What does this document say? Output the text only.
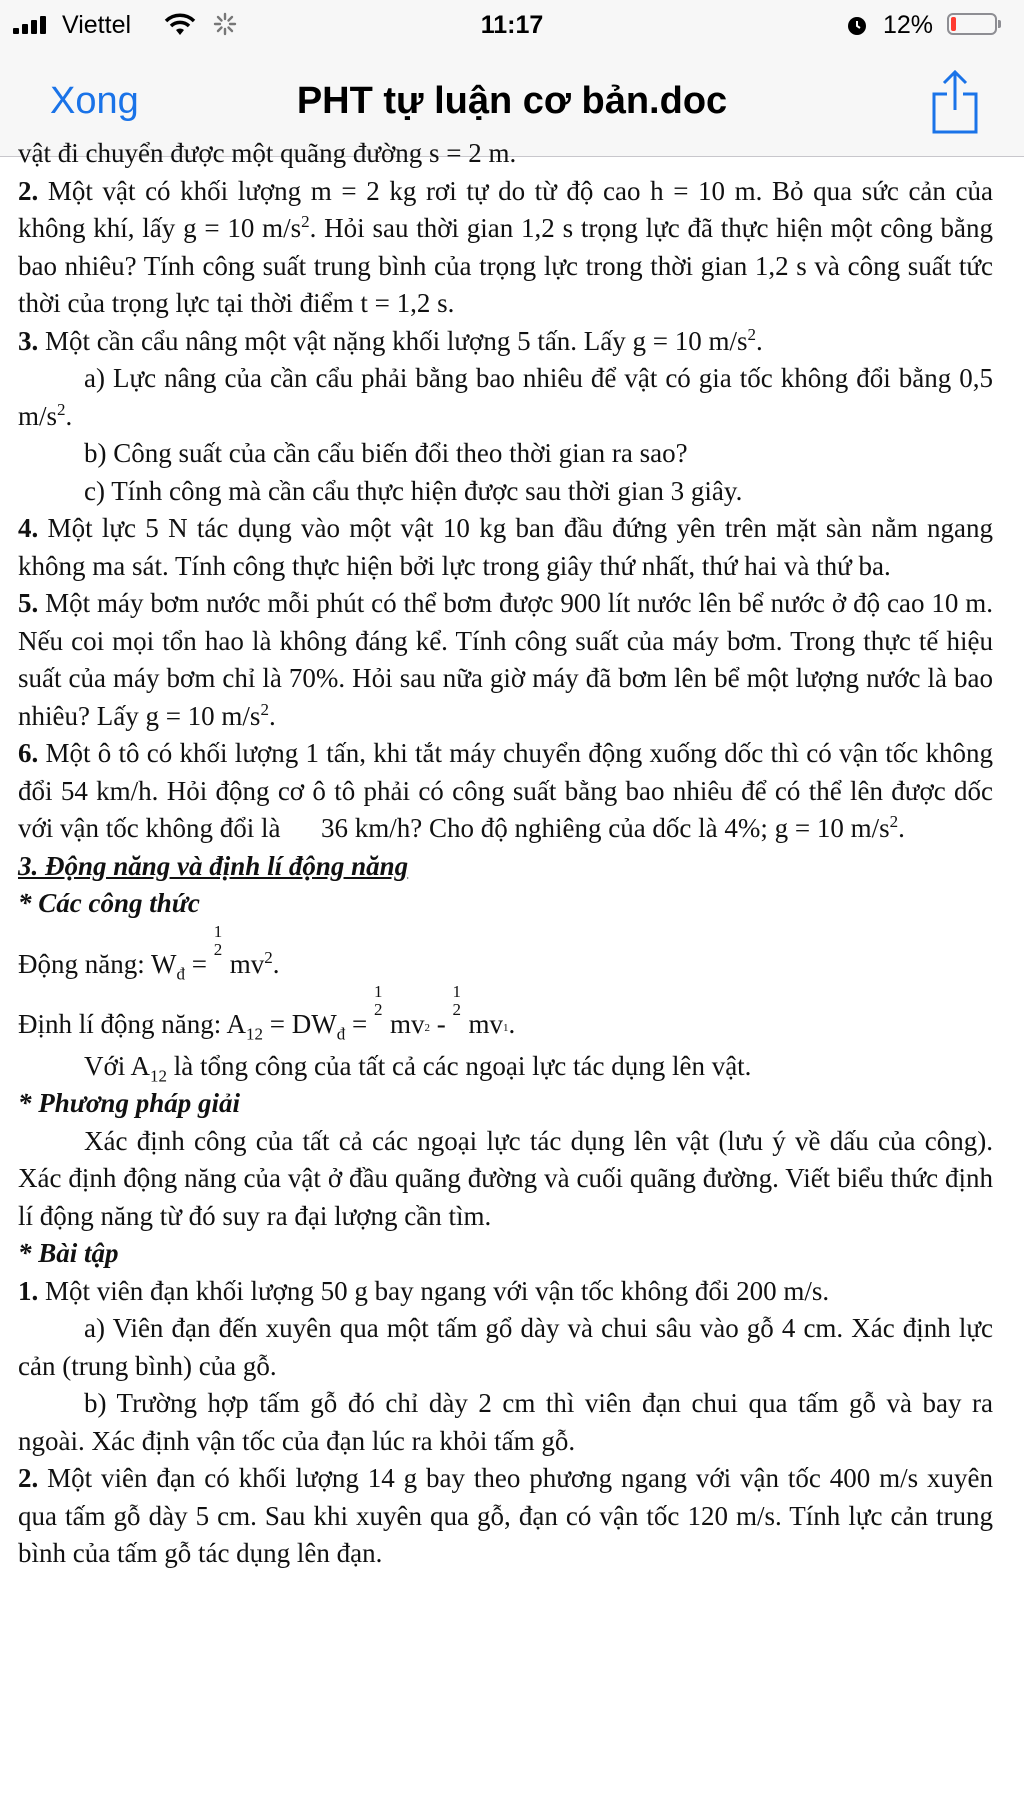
Viettel	11:17	12%
Xong	PHT tự luận cơ bản.doc

vật đi chuyển được một quãng đường s = 2 m.

2. Một vật có khối lượng m = 2 kg rơi tự do từ độ cao h = 10 m. Bỏ qua sức cản của không khí, lấy g = 10 $m/s^2$. Hỏi sau thời gian 1,2 s trọng lực đã thực hiện một công bằng bao nhiêu? Tính công suất trung bình của trọng lực trong thời gian 1,2 s và công suất tức thời của trọng lực tại thời điểm t = 1,2 s.

3. Một cần cẩu nâng một vật nặng khối lượng 5 tấn. Lấy g = 10 $m/s^2$.

a) Lực nâng của cần cẩu phải bằng bao nhiêu để vật có gia tốc không đổi bằng 0,5 $m/s^2$.

b) Công suất của cần cẩu biến đổi theo thời gian ra sao?

c) Tính công mà cần cẩu thực hiện được sau thời gian 3 giây.

4. Một lực 5 N tác dụng vào một vật 10 kg ban đầu đứng yên trên mặt sàn nằm ngang không ma sát. Tính công thực hiện bởi lực trong giây thứ nhất, thứ hai và thứ ba.

5. Một máy bơm nước mỗi phút có thể bơm được 900 lít nước lên bể nước ở độ cao 10 m. Nếu coi mọi tổn hao là không đáng kể. Tính công suất của máy bơm. Trong thực tế hiệu suất của máy bơm chỉ là 70%. Hỏi sau nữa giờ máy đã bơm lên bể một lượng nước là bao nhiêu? Lấy g = 10 $m/s^2$.

6. Một ô tô có khối lượng 1 tấn, khi tắt máy chuyển động xuống dốc thì có vận tốc không đổi 54 km/h. Hỏi động cơ ô tô phải có công suất bằng bao nhiêu để có thể lên được dốc với vận tốc không đổi là      36 km/h? Cho độ nghiêng của dốc là 4%; g = 10 $m/s^2$.

3. Động năng và định lí động năng

* Các công thức

Động năng: $W_đ$ =
1
2 $mv^2$.

Định lí động năng: $A_{12} = DW_đ$ =
1
2 mv2 -
1
2 mv1.

Với $A_{12}$ là tổng công của tất cả các ngoại lực tác dụng lên vật.

* Phương pháp giải

Xác định công của tất cả các ngoại lực tác dụng lên vật (lưu ý về dấu của công). Xác định động năng của vật ở đầu quãng đường và cuối quãng đường. Viết biểu thức định lí động năng từ đó suy ra đại lượng cần tìm.

* Bài tập

1. Một viên đạn khối lượng 50 g bay ngang với vận tốc không đổi 200 m/s.

a) Viên đạn đến xuyên qua một tấm gổ dày và chui sâu vào gỗ 4 cm. Xác định lực cản (trung bình) của gỗ.

b) Trường hợp tấm gỗ đó chỉ dày 2 cm thì viên đạn chui qua tấm gỗ và bay ra ngoài. Xác định vận tốc của đạn lúc ra khỏi tấm gỗ.

2. Một viên đạn có khối lượng 14 g bay theo phương ngang với vận tốc 400 m/s xuyên qua tấm gỗ dày 5 cm. Sau khi xuyên qua gỗ, đạn có vận tốc 120 m/s. Tính lực cản trung bình của tấm gỗ tác dụng lên đạn.
